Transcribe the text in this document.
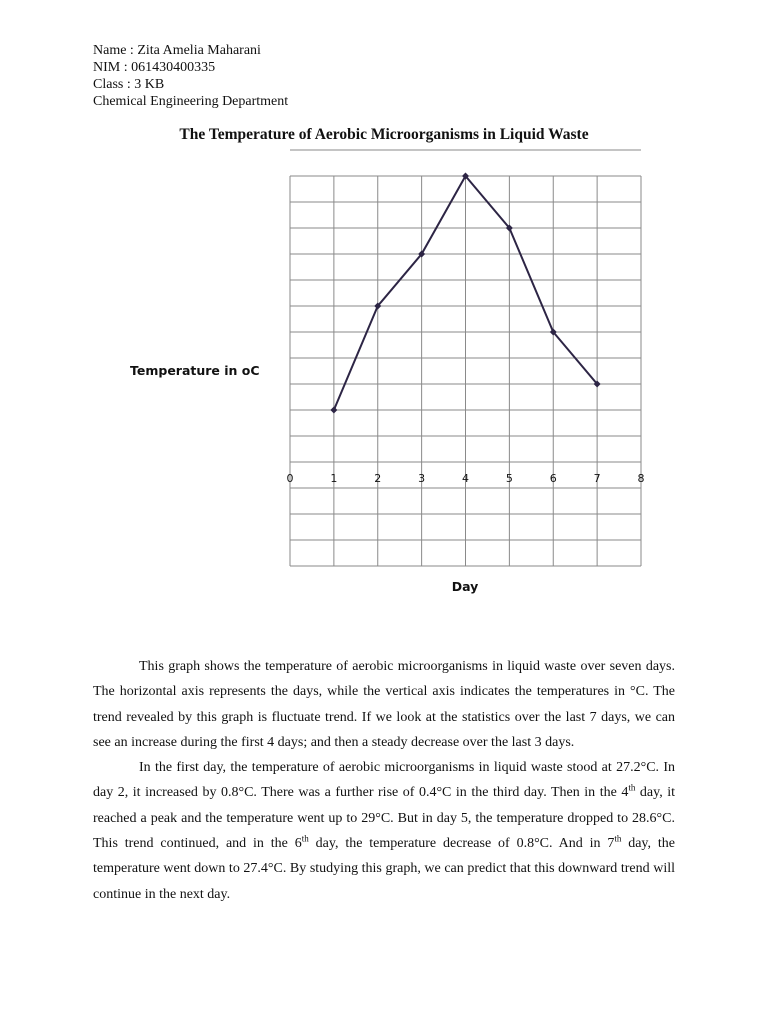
Name : Zita Amelia Maharani
NIM : 061430400335
Class : 3 KB
Chemical Engineering Department
The Temperature of Aerobic Microorganisms in Liquid Waste
0	1	2	3	4	5	6	7	8
Temperature in oC
Day

This graph shows the temperature of aerobic microorganisms in liquid waste over seven days. The horizontal axis represents the days, while the vertical axis indicates the temperatures in °C. The trend revealed by this graph is fluctuate trend. If we look at the statistics over the last 7 days, we can see an increase during the first 4 days; and then a steady decrease over the last 3 days.

In the first day, the temperature of aerobic microorganisms in liquid waste stood at 27.2°C. In day 2, it increased by 0.8°C. There was a further rise of 0.4°C in the third day. Then in the 4th day, it reached a peak and the temperature went up to 29°C. But in day 5, the temperature dropped to 28.6°C. This trend continued, and in the 6th day, the temperature decrease of 0.8°C. And in 7th day, the temperature went down to 27.4°C. By studying this graph, we can predict that this downward trend will continue in the next day.
